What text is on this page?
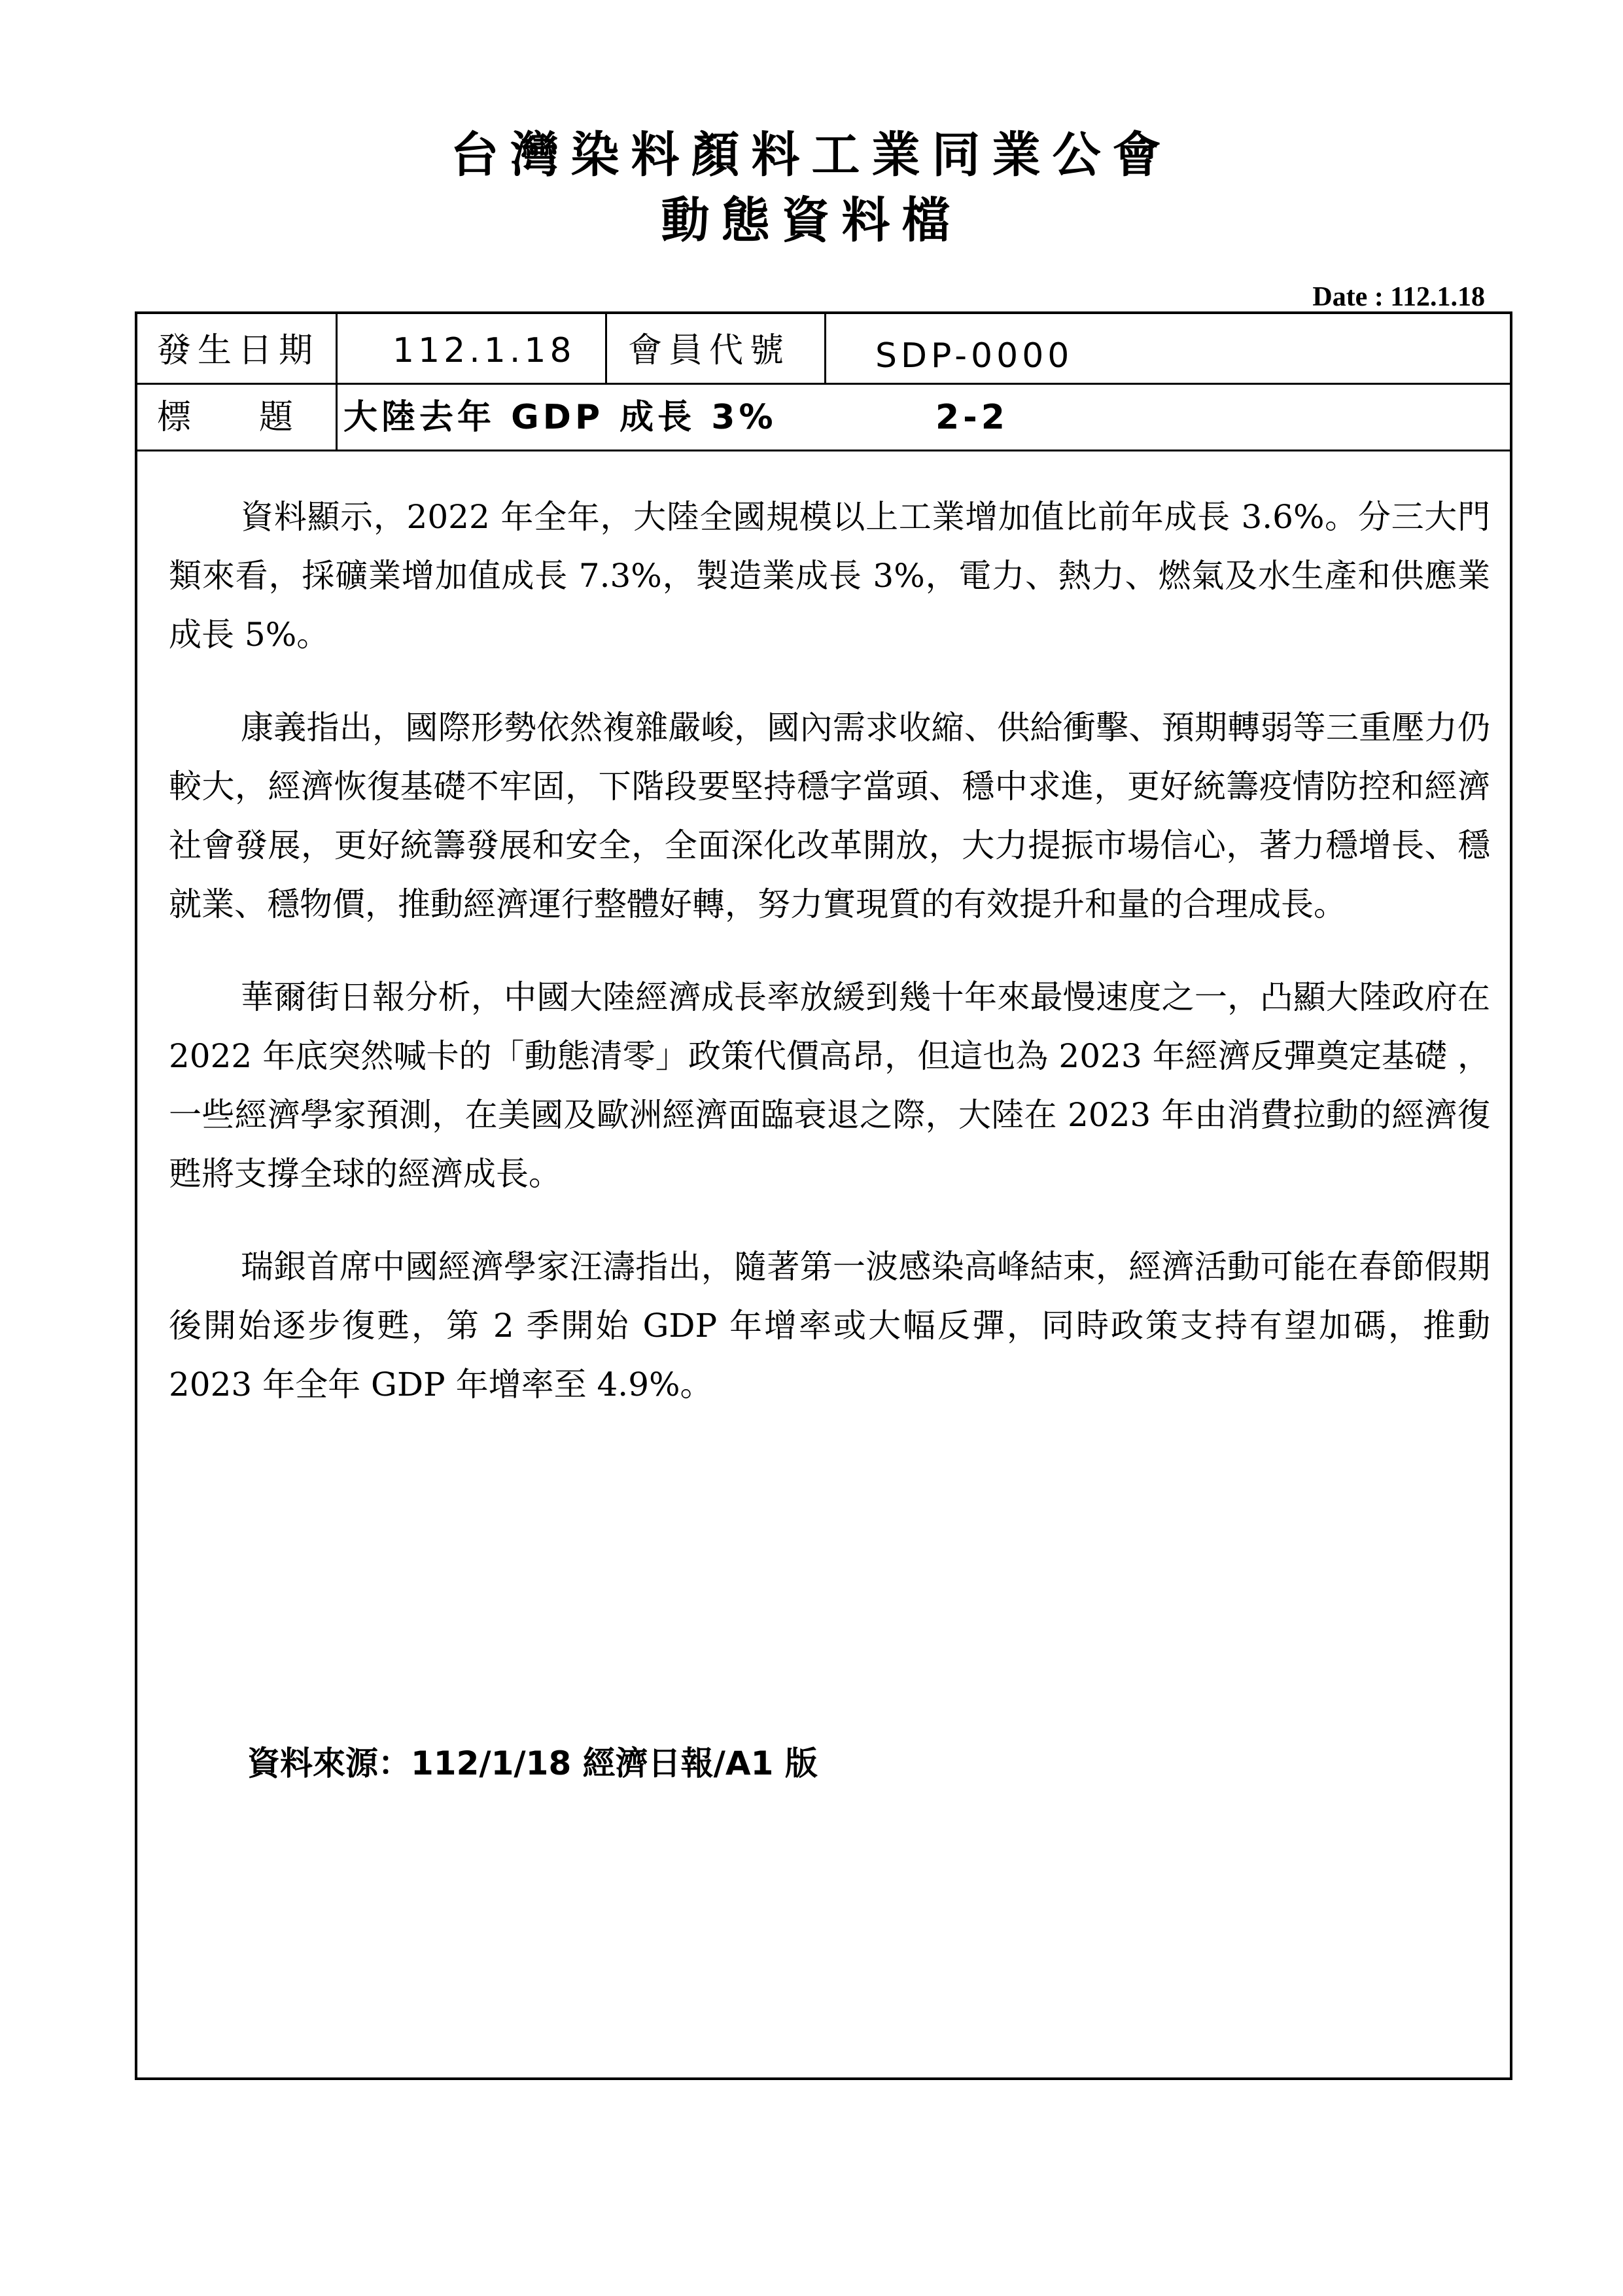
台灣染料顏料工業同業公會
動態資料檔
Date : 112.1.18
發生日期 112.1.18 會員代號 SDP-0000
標　　題 大陸去年 GDP 成長 3%	2-2

資料顯示，2022 年全年，大陸全國規模以上工業增加值比前年成長 3.6%。分三大門類來看，採礦業增加值成長 7.3%，製造業成長 3%，電力、熱力、燃氣及水生產和供應業成長 5%。

康義指出，國際形勢依然複雜嚴峻，國內需求收縮、供給衝擊、預期轉弱等三重壓力仍較大，經濟恢復基礎不牢固，下階段要堅持穩字當頭、穩中求進，更好統籌疫情防控和經濟社會發展，更好統籌發展和安全，全面深化改革開放，大力提振市場信心，著力穩增長、穩就業、穩物價，推動經濟運行整體好轉，努力實現質的有效提升和量的合理成長。

華爾街日報分析，中國大陸經濟成長率放緩到幾十年來最慢速度之一，凸顯大陸政府在 2022 年底突然喊卡的「動態清零」政策代價高昂，但這也為 2023 年經濟反彈奠定基礎 ，一些經濟學家預測，在美國及歐洲經濟面臨衰退之際，大陸在 2023 年由消費拉動的經濟復甦將支撐全球的經濟成長。

瑞銀首席中國經濟學家汪濤指出，隨著第一波感染高峰結束，經濟活動可能在春節假期後開始逐步復甦，第 2 季開始 GDP 年增率或大幅反彈，同時政策支持有望加碼，推動 2023 年全年 GDP 年增率至 4.9%。

資料來源：112/1/18 經濟日報/A1 版
